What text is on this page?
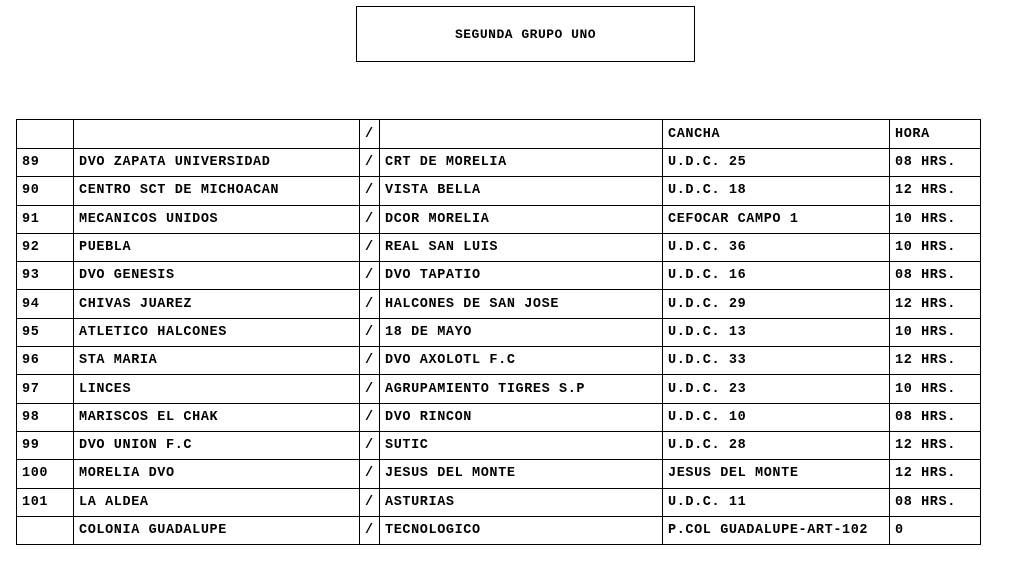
SEGUNDA GRUPO UNO
		/		CANCHA	HORA
89	DVO ZAPATA UNIVERSIDAD	/	CRT DE MORELIA	U.D.C. 25	08 HRS.
90	CENTRO SCT DE MICHOACAN	/	VISTA BELLA	U.D.C. 18	12 HRS.
91	MECANICOS UNIDOS	/	DCOR MORELIA	CEFOCAR CAMPO 1	10 HRS.
92	PUEBLA	/	REAL SAN LUIS	U.D.C. 36	10 HRS.
93	DVO GENESIS	/	DVO TAPATIO	U.D.C. 16	08 HRS.
94	CHIVAS JUAREZ	/	HALCONES DE SAN JOSE	U.D.C. 29	12 HRS.
95	ATLETICO HALCONES	/	18 DE MAYO	U.D.C. 13	10 HRS.
96	STA MARIA	/	DVO AXOLOTL F.C	U.D.C. 33	12 HRS.
97	LINCES	/	AGRUPAMIENTO TIGRES S.P	U.D.C. 23	10 HRS.
98	MARISCOS EL CHAK	/	DVO RINCON	U.D.C. 10	08 HRS.
99	DVO UNION F.C	/	SUTIC	U.D.C. 28	12 HRS.
100	MORELIA DVO	/	JESUS DEL MONTE	JESUS DEL MONTE	12 HRS.
101	LA ALDEA	/	ASTURIAS	U.D.C. 11	08 HRS.
	COLONIA GUADALUPE	/	TECNOLOGICO	P.COL GUADALUPE-ART-102	0
